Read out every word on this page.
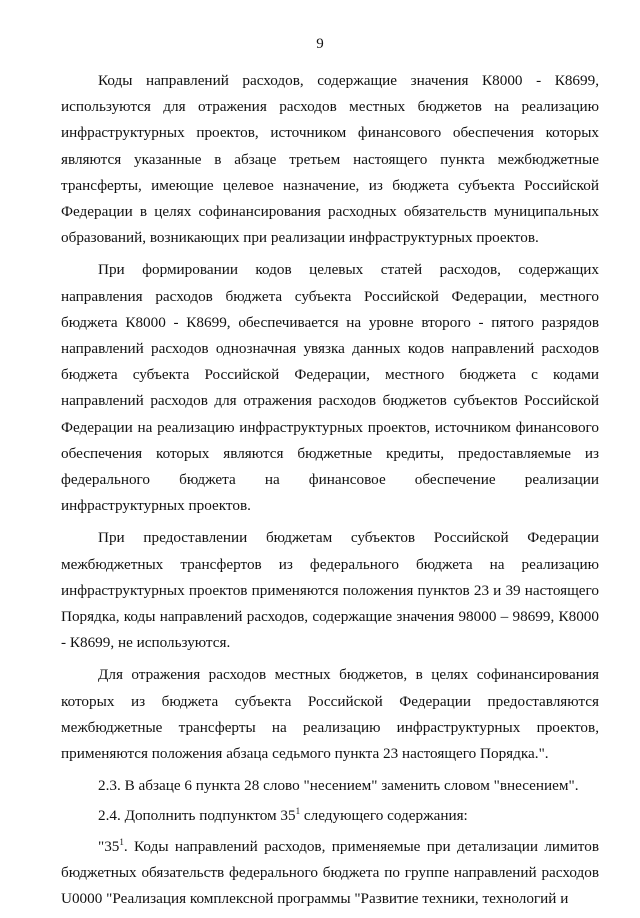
9

Коды направлений расходов, содержащие значения К8000 - К8699, используются для отражения расходов местных бюджетов на реализацию инфраструктурных проектов, источником финансового обеспечения которых являются указанные в абзаце третьем настоящего пункта межбюджетные трансферты, имеющие целевое назначение, из бюджета субъекта Российской Федерации в целях софинансирования расходных обязательств муниципальных образований, возникающих при реализации инфраструктурных проектов.

При формировании кодов целевых статей расходов, содержащих направления расходов бюджета субъекта Российской Федерации, местного бюджета К8000 - К8699, обеспечивается на уровне второго - пятого разрядов направлений расходов однозначная увязка данных кодов направлений расходов бюджета субъекта Российской Федерации, местного бюджета с кодами направлений расходов для отражения расходов бюджетов субъектов Российской Федерации на реализацию инфраструктурных проектов, источником финансового обеспечения которых являются бюджетные кредиты, предоставляемые из федерального бюджета на финансовое обеспечение реализации инфраструктурных проектов.

При предоставлении бюджетам субъектов Российской Федерации межбюджетных трансфертов из федерального бюджета на реализацию инфраструктурных проектов применяются положения пунктов 23 и 39 настоящего Порядка, коды направлений расходов, содержащие значения 98000 – 98699, К8000 - К8699, не используются.

Для отражения расходов местных бюджетов, в целях софинансирования которых из бюджета субъекта Российской Федерации предоставляются межбюджетные трансферты на реализацию инфраструктурных проектов, применяются положения абзаца седьмого пункта 23 настоящего Порядка.".

2.3. В абзаце 6 пункта 28 слово "несением" заменить словом "внесением".

2.4. Дополнить подпунктом $35^1$ следующего содержания:

"$35^1$. Коды направлений расходов, применяемые при детализации лимитов бюджетных обязательств федерального бюджета по группе направлений расходов U0000 "Реализация комплексной программы "Развитие техники, технологий и
